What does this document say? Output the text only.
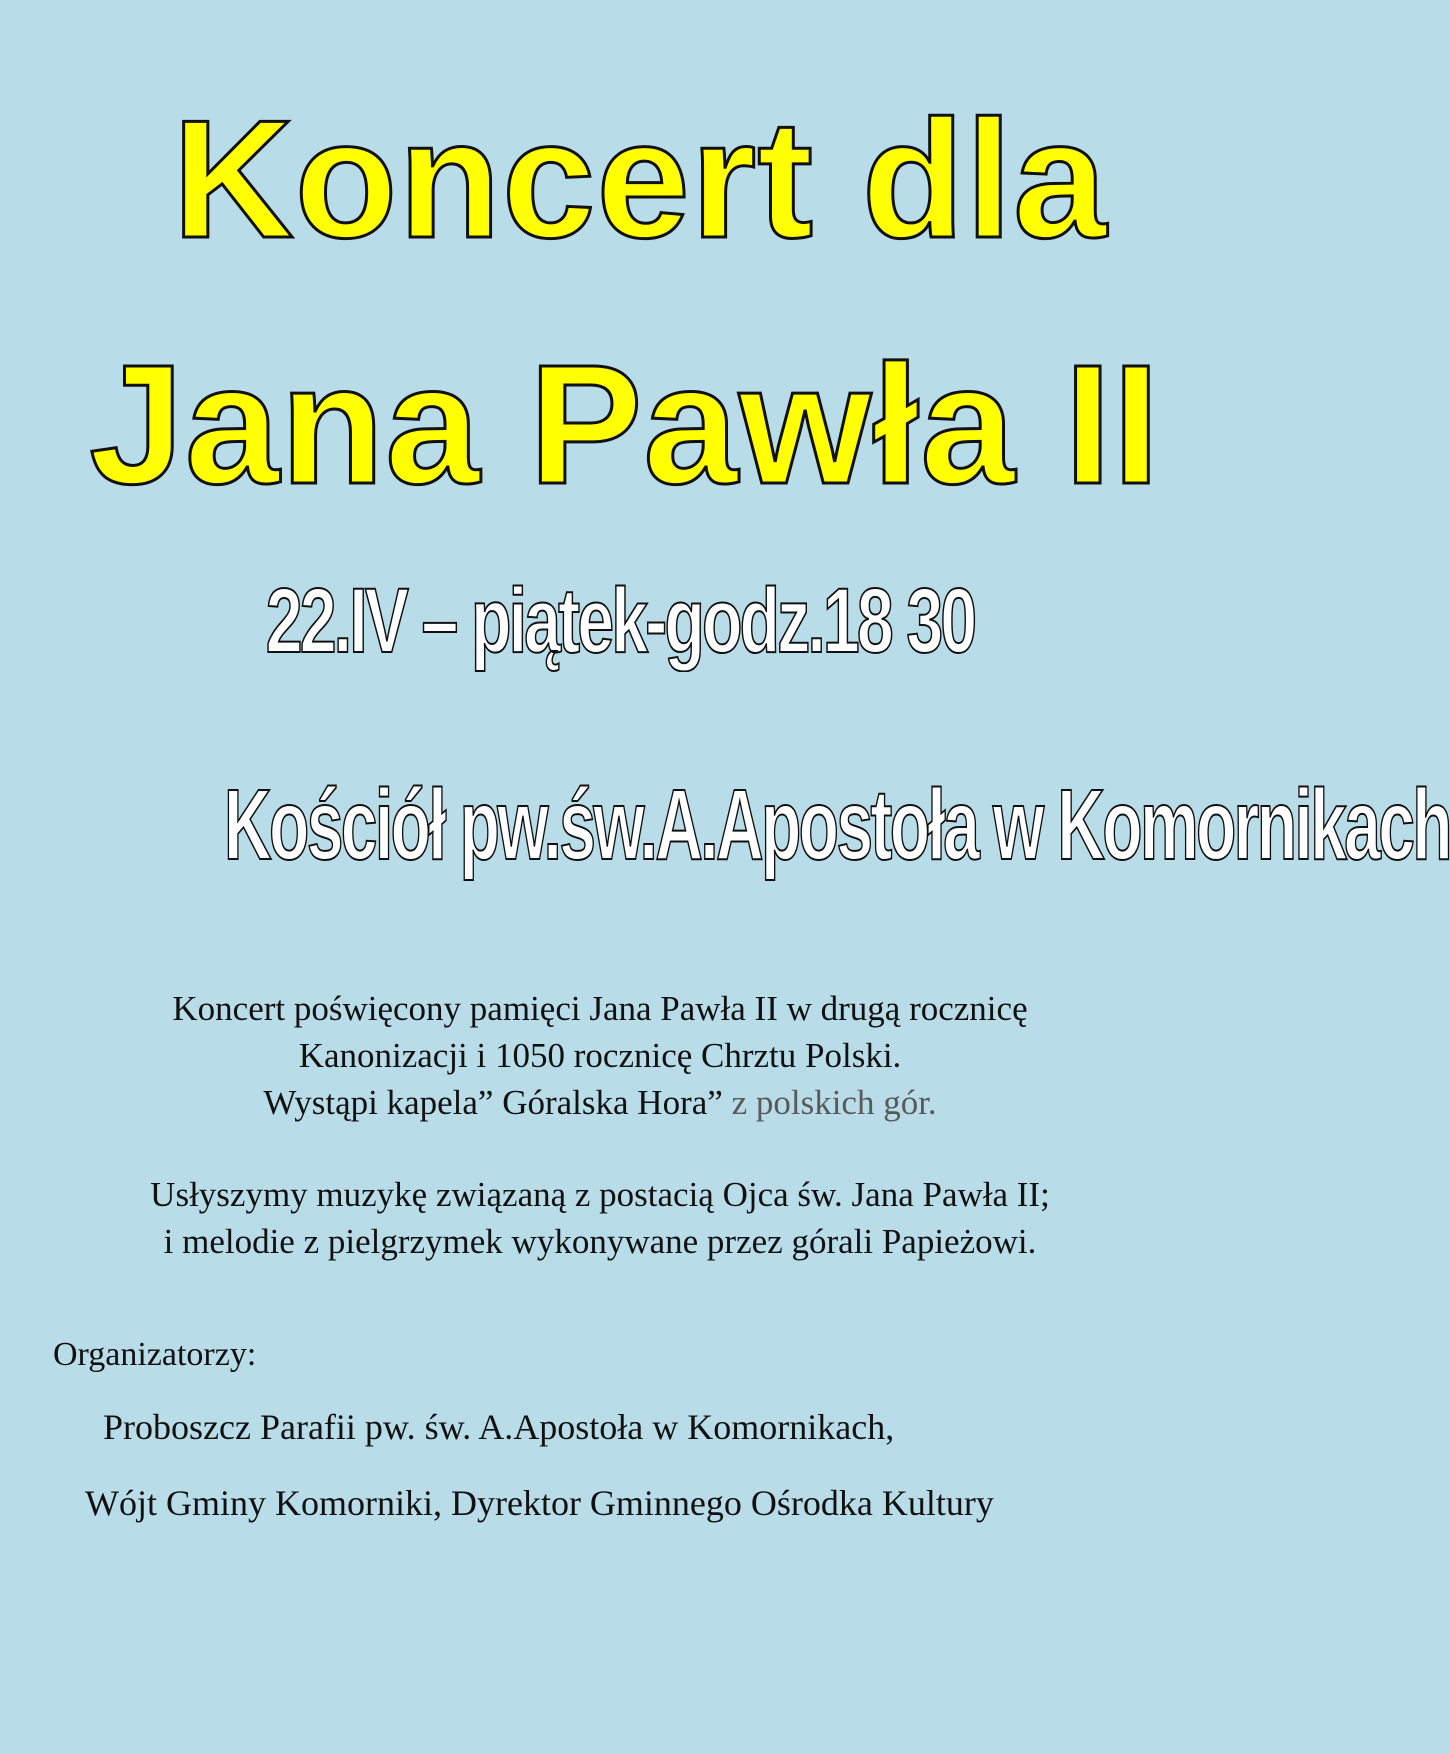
Koncert dla
Jana Pawła II
22.IV – piątek-godz.18 30
Kościół pw.św.A.Apostoła w Komornikach

Koncert poświęcony pamięci Jana Pawła II w drugą rocznicę

Kanonizacji i 1050 rocznicę Chrztu Polski.

Wystąpi kapela” Góralska Hora” z polskich gór.

Usłyszymy muzykę związaną z postacią Ojca św. Jana Pawła II;

i melodie z pielgrzymek wykonywane przez górali Papieżowi.

Organizatorzy:

Proboszcz Parafii pw. św. A.Apostoła w Komornikach,

Wójt Gminy Komorniki, Dyrektor Gminnego Ośrodka Kultury
